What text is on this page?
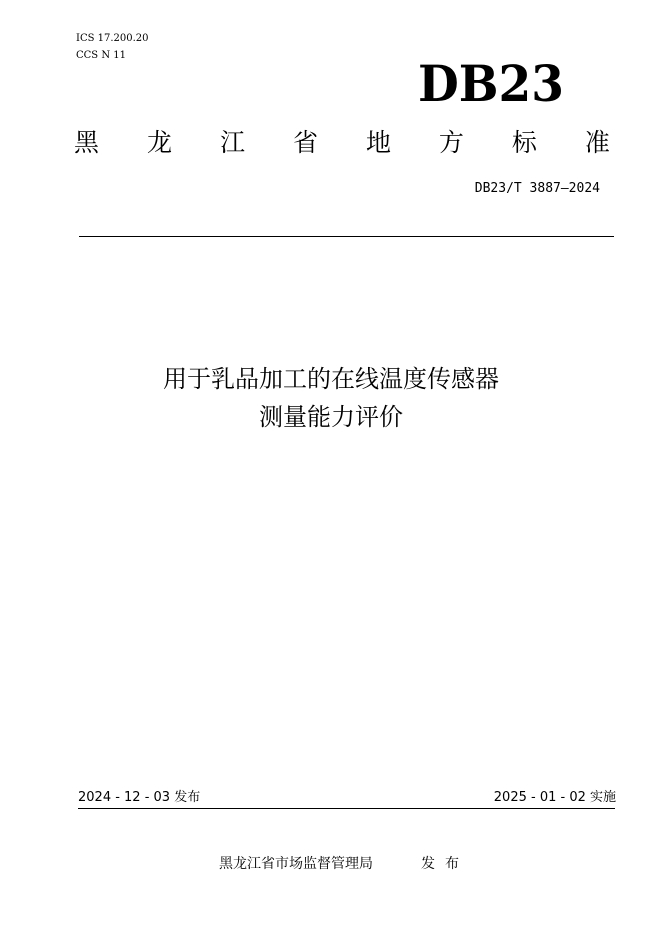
ICS 17.200.20
CCS N 11	DB23
黑 龙 江 省 地 方 标 准
DB23/T 3887—2024
用于乳品加工的在线温度传感器
测量能力评价
2024 - 12 - 03 发布	2025 - 01 - 02 实施
黑龙江省市场监督管理局	发布
